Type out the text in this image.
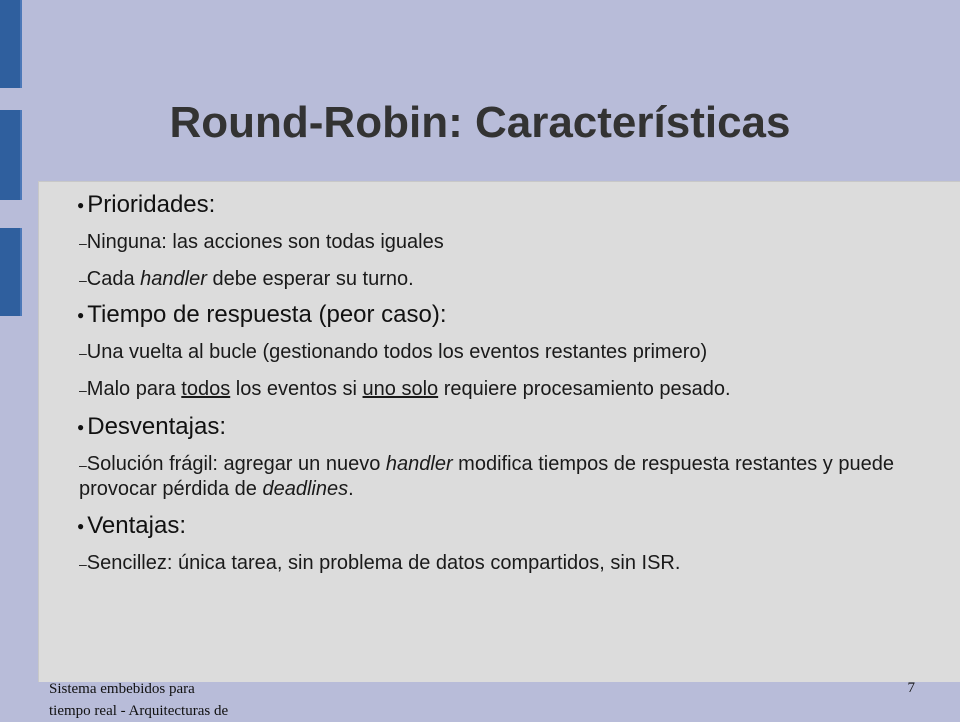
Round-Robin: Características
● Prioridades:
–Ninguna: las acciones son todas iguales
–Cada handler debe esperar su turno.
● Tiempo de respuesta (peor caso):
–Una vuelta al bucle (gestionando todos los eventos restantes primero)
–Malo para todos los eventos si uno solo requiere procesamiento pesado.
● Desventajas:
–Solución frágil: agregar un nuevo handler modifica tiempos de respuesta restantes y puede provocar pérdida de deadlines.
● Ventajas:
–Sencillez: única tarea, sin problema de datos compartidos, sin ISR.
Sistema embebidos para
tiempo real - Arquitecturas de
7
